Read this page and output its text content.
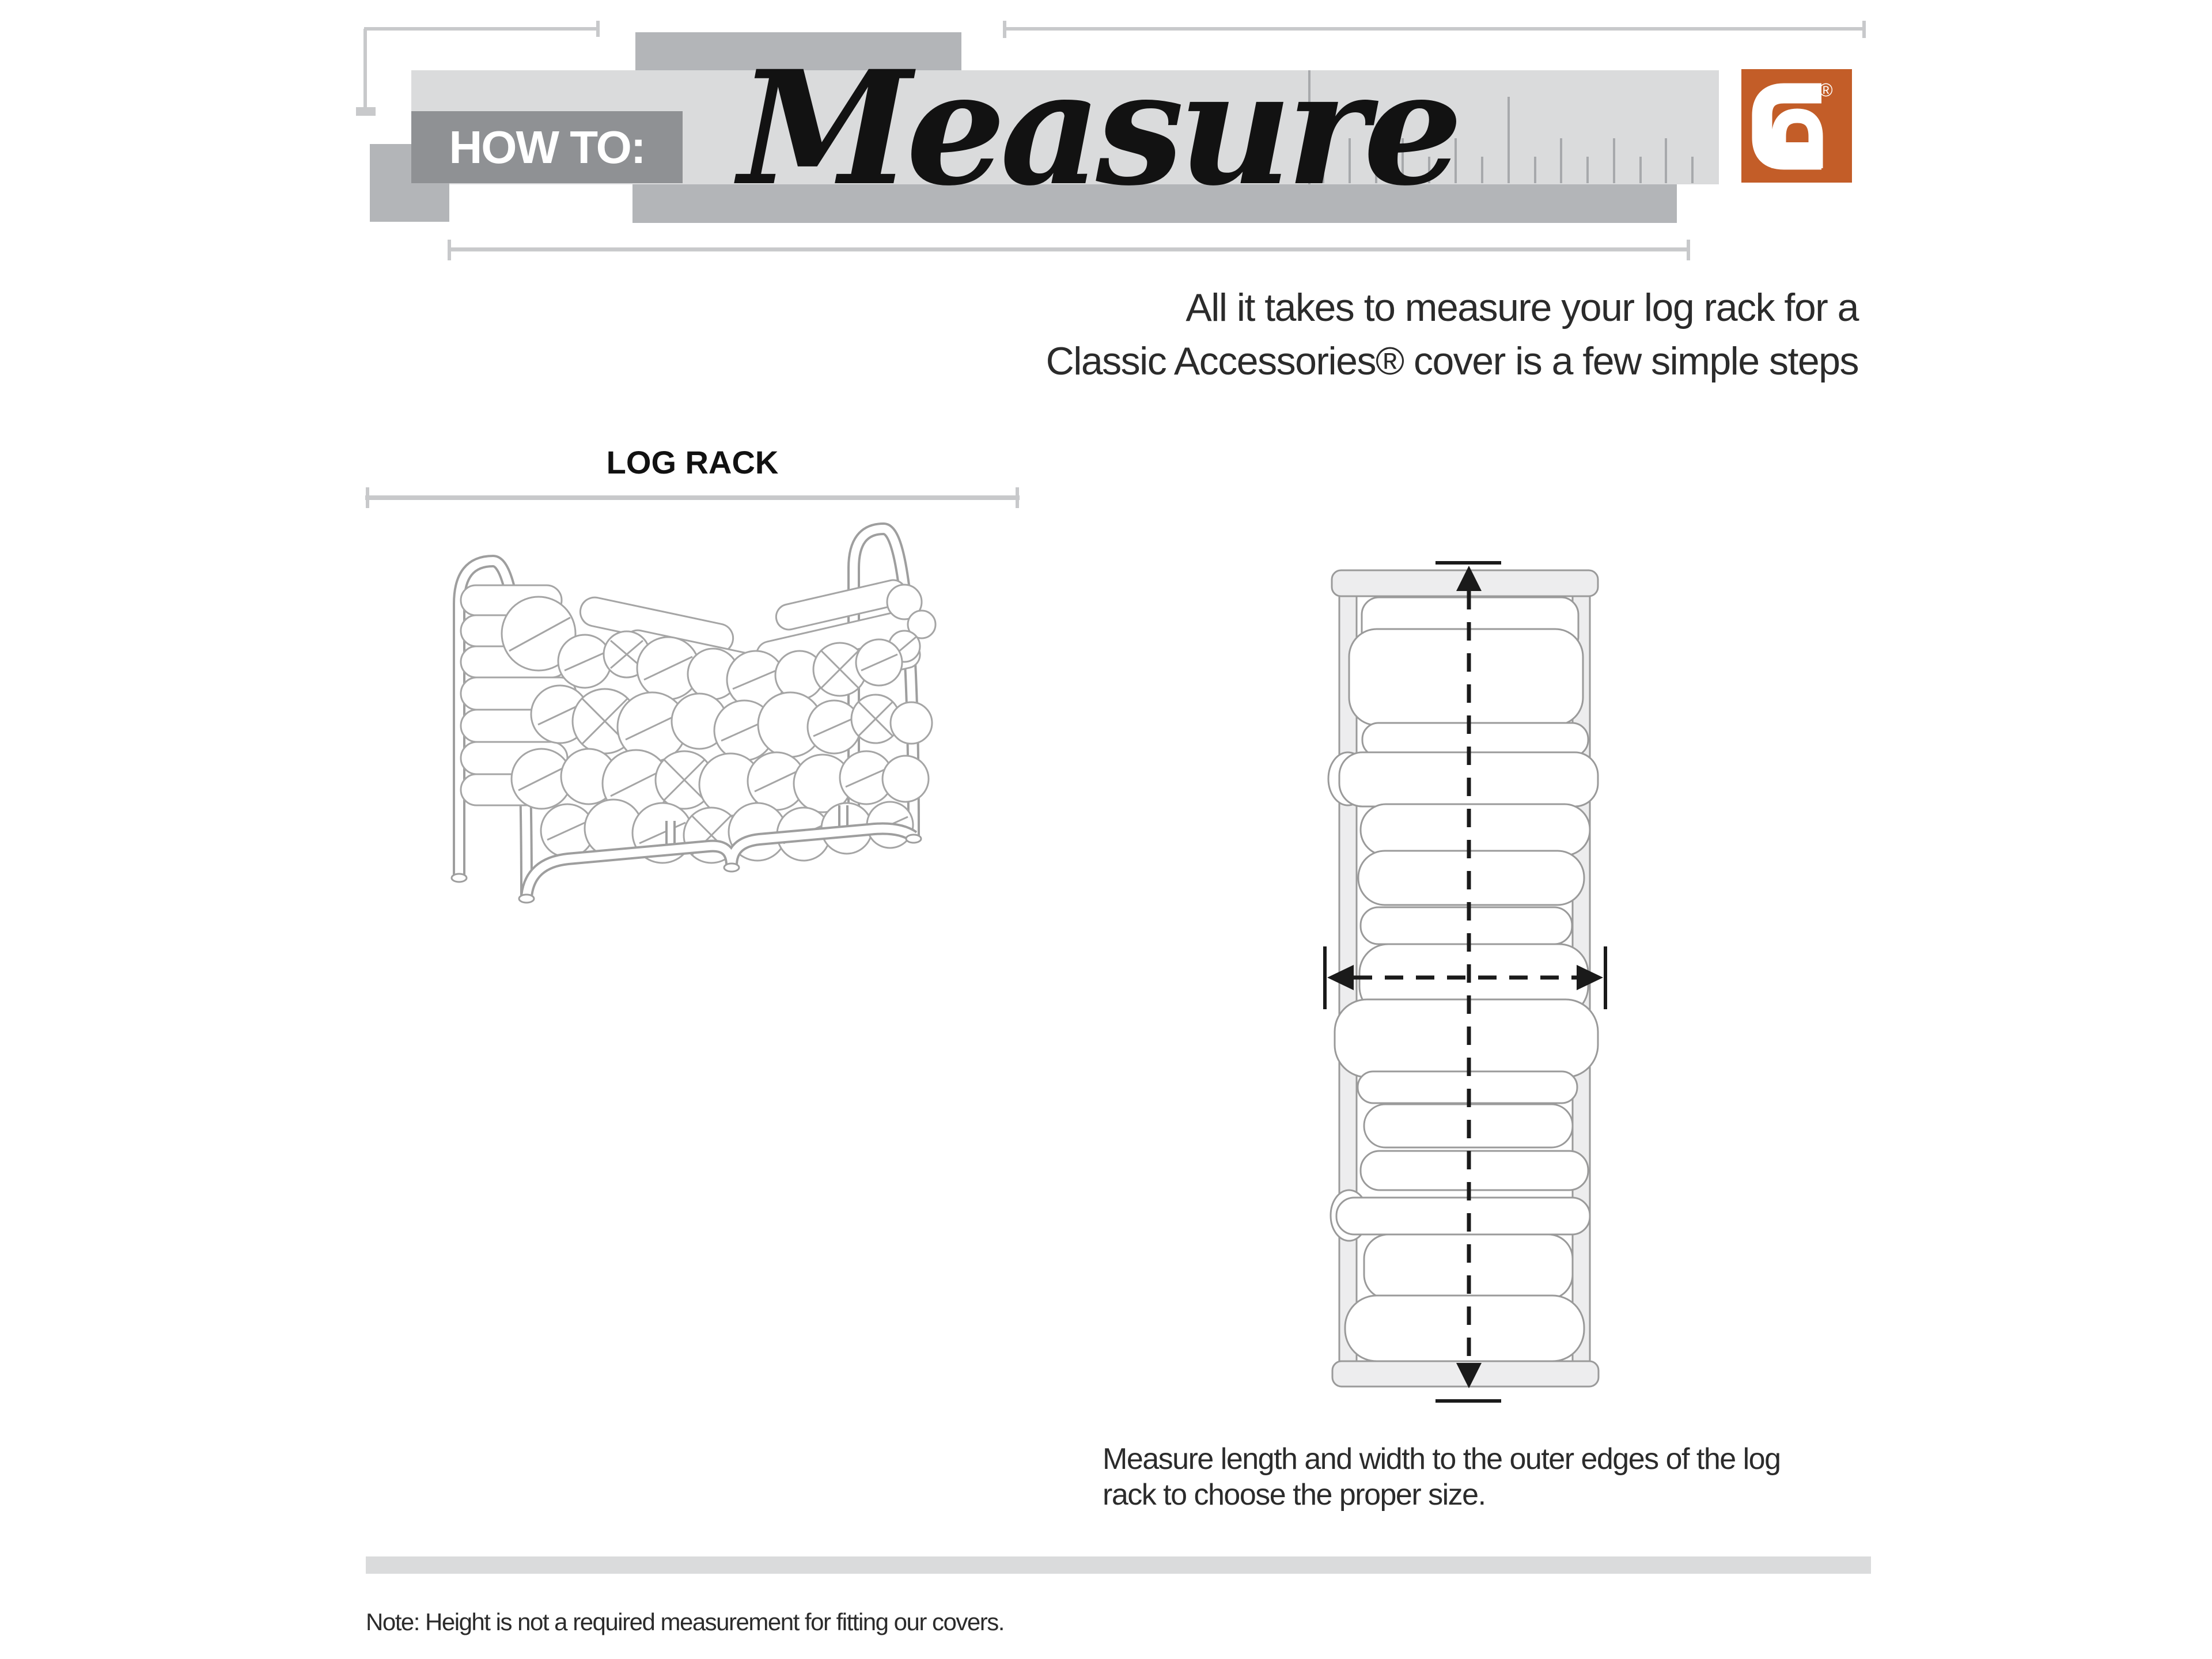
HOW TO: Measure	®
All it takes to measure your log rack for a
Classic Accessories® cover is a few simple steps
LOG RACK
Measure length and width to the outer edges of the log
rack to choose the proper size.
Note: Height is not a required measurement for fitting our covers.
